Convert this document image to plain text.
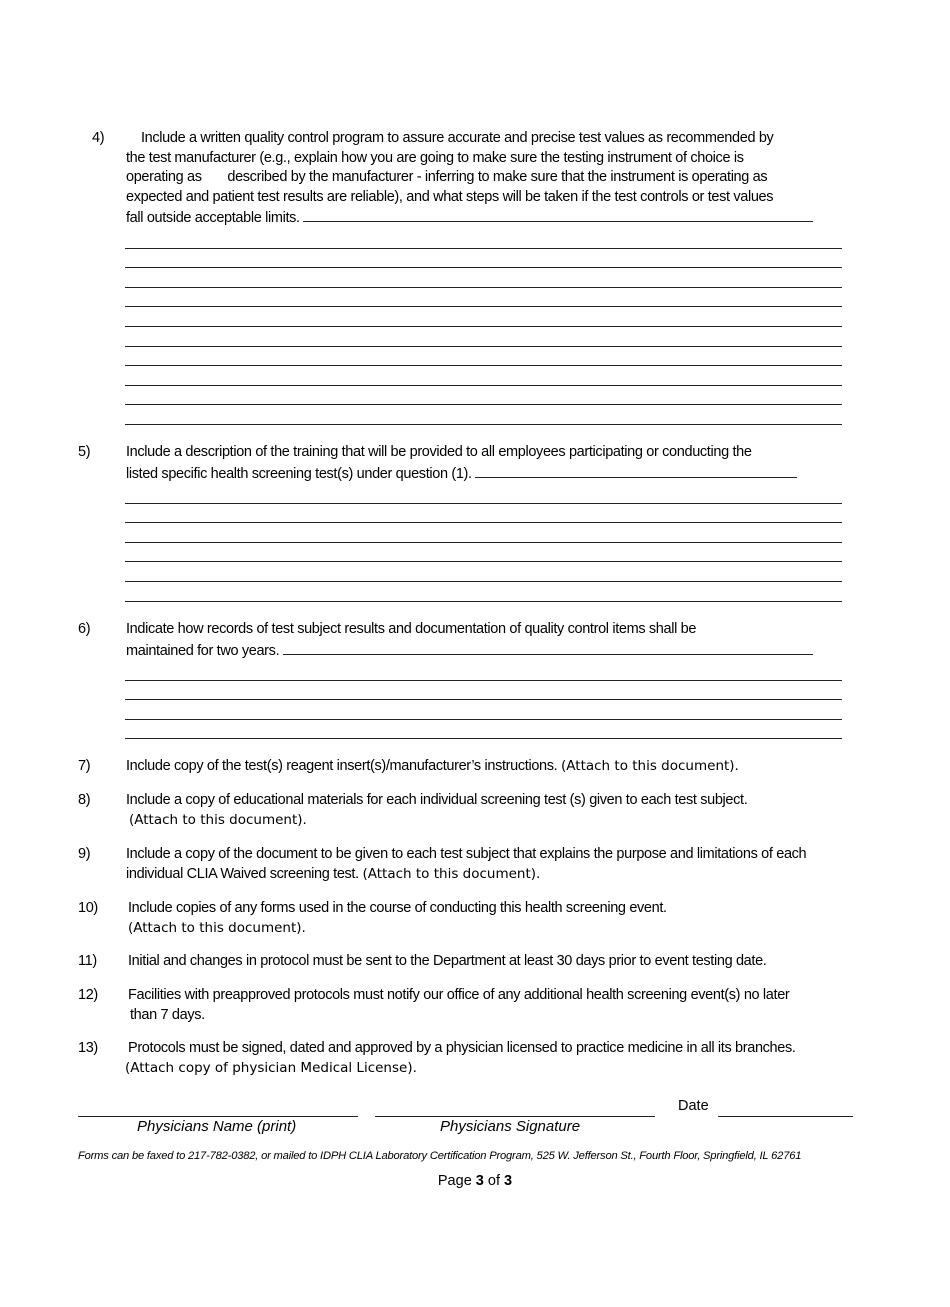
4)	Include a written quality control program to assure accurate and precise test values as recommended by

the test manufacturer (e.g., explain how you are going to make sure the testing instrument of choice is

operating as       described by the manufacturer - inferring to make sure that the instrument is operating as

expected and patient test results are reliable), and what steps will be taken if the test controls or test values

fall outside acceptable limits.

5) Include a description of the training that will be provided to all employees participating or conducting the

listed specific health screening test(s) under question (1).

6) Indicate how records of test subject results and documentation of quality control items shall be

maintained for two years.

7) Include copy of the test(s) reagent insert(s)/manufacturer’s instructions. (Attach to this document).

8) Include a copy of educational materials for each individual screening test (s) given to each test subject.

(Attach to this document).

9) Include a copy of the document to be given to each test subject that explains the purpose and limitations of each

individual CLIA Waived screening test. (Attach to this document).

10) Include copies of any forms used in the course of conducting this health screening event.

(Attach to this document).

11) Initial and changes in protocol must be sent to the Department at least 30 days prior to event testing date.

12) Facilities with preapproved protocols must notify our office of any additional health screening event(s) no later

than 7 days.

13) Protocols must be signed, dated and approved by a physician licensed to practice medicine in all its branches.

(Attach copy of physician Medical License).

Date
Physicians Name (print)	Physicians Signature
Forms can be faxed to 217-782-0382, or mailed to IDPH CLIA Laboratory Certification Program, 525 W. Jefferson St., Fourth Floor, Springfield, IL 62761
Page 3 of 3
